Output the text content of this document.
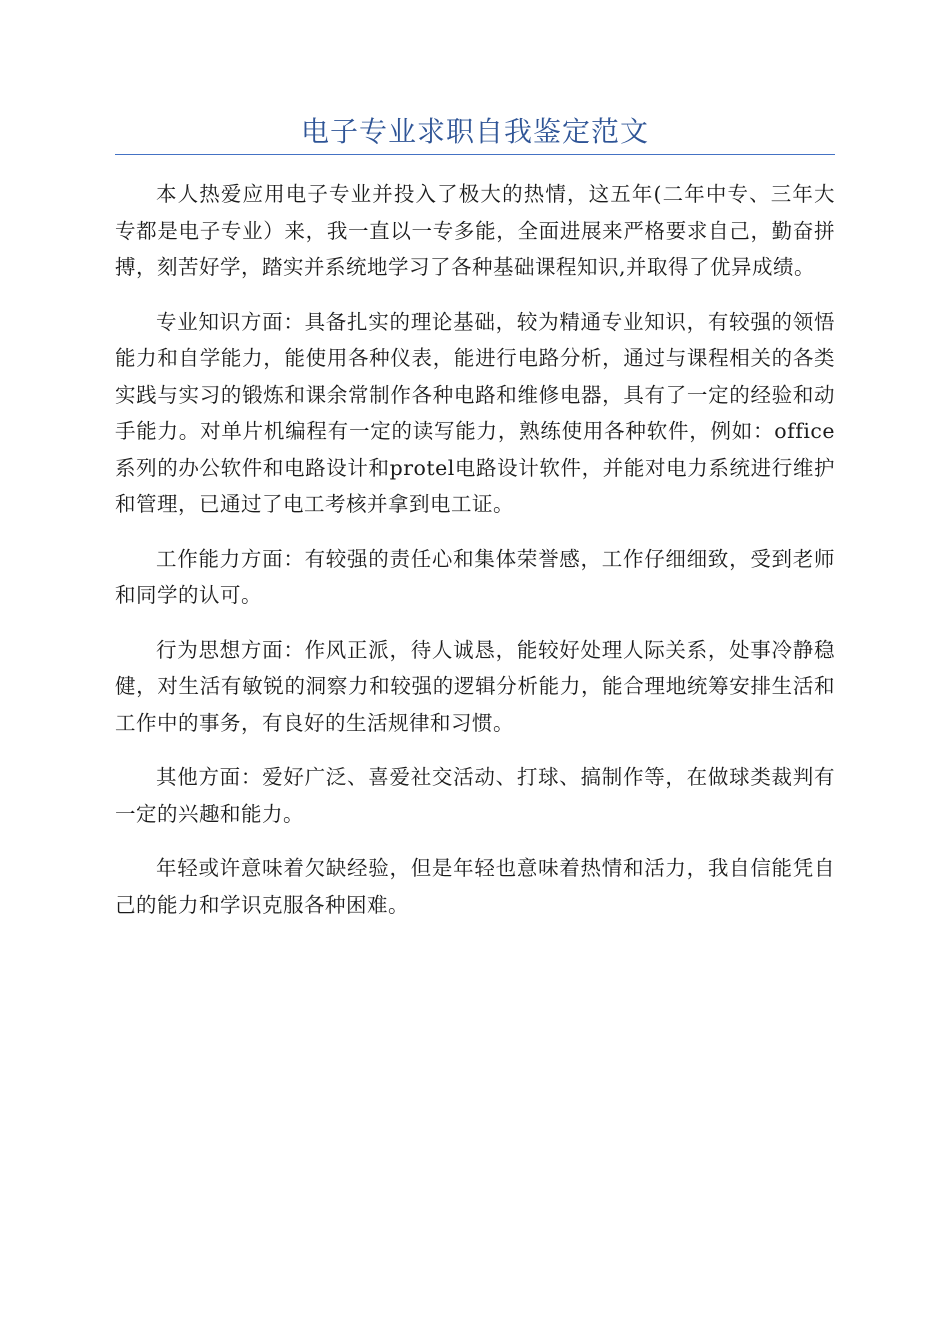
电子专业求职自我鉴定范文

本人热爱应用电子专业并投入了极大的热情，这五年(二年中专、三年大专都是电子专业）来，我一直以一专多能，全面进展来严格要求自己，勤奋拼搏，刻苦好学，踏实并系统地学习了各种基础课程知识,并取得了优异成绩。

专业知识方面：具备扎实的理论基础，较为精通专业知识，有较强的领悟能力和自学能力，能使用各种仪表，能进行电路分析，通过与课程相关的各类实践与实习的锻炼和课余常制作各种电路和维修电器，具有了一定的经验和动手能力。对单片机编程有一定的读写能力，熟练使用各种软件，例如：office系列的办公软件和电路设计和protel电路设计软件，并能对电力系统进行维护和管理，已通过了电工考核并拿到电工证。

工作能力方面：有较强的责任心和集体荣誉感，工作仔细细致，受到老师和同学的认可。

行为思想方面：作风正派，待人诚恳，能较好处理人际关系，处事冷静稳健，对生活有敏锐的洞察力和较强的逻辑分析能力，能合理地统筹安排生活和工作中的事务，有良好的生活规律和习惯。

其他方面：爱好广泛、喜爱社交活动、打球、搞制作等，在做球类裁判有一定的兴趣和能力。

年轻或许意味着欠缺经验，但是年轻也意味着热情和活力，我自信能凭自己的能力和学识克服各种困难。
